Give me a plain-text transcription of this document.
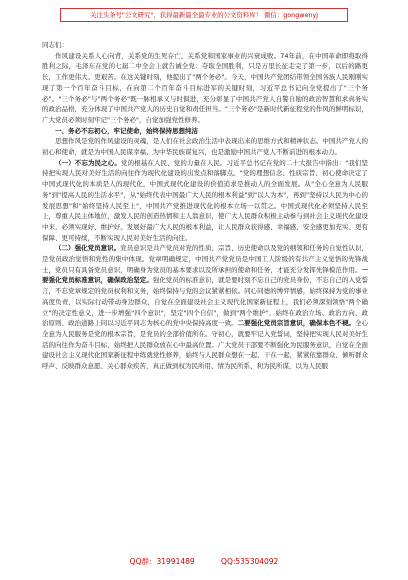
关注头条号"公文研究"，获得最新最全最专业的公文资料库！ 微信：gongwenyj

同志们：

作风建设关系人心向背，关系党的生死存亡，关系党和国家事业的兴衰成败。74年前，在中国革命即将取得胜利之际，毛泽东在党的七届二中全会上就告诫全党：夺取全国胜利，只是万里长征走完了第一步，以后的路更长，工作更伟大、更艰苦。在这关键时刻，他提出了"两个务必"。今天，中国共产党团结带领全国各族人民刚刚实现了第一个百年奋斗目标，在向第二个百年奋斗目标进军的关键时刻，习近平总书记向全党提出了"三个务必"。"三个务必"与"两个务必"既一脉相承又与时俱进，充分彰显了中国共产党人自警自励的政治智慧和求真务实的政治品格，充分体现了中国共产党人的历史自觉和责任担当。"三个务必"是新时代新征程党的作风的鲜明标识，广大党员必须时刻牢记"三个务必"，自觉加强党性修养。

一、务必不忘初心，牢记使命，始终保持思想纯洁

思想作风是党的作风建设的灵魂，是人们在社会政治生活中表现出来的思维方式和精神状态。中国共产党人的初心和使命，就是为中国人民谋幸福、为中华民族谋复兴，也是激励中国共产党人不断前进的根本动力。

（一）不忘为民之心。党的根基在人民、党的力量在人民。习近平总书记在党的二十大报告中指出："我们坚持把实现人民对美好生活的向往作为现代化建设的出发点和落脚点。"党的理想信念、性质宗旨、初心使命决定了中国式现代化的本质是人的现代化，中国式现代化建设的价值追求是推动人的全面发展。从"全心全意为人民服务"到"提高人民的生活水平"，从"始终代表中国最广大人民的根本利益"到"以人为本"，再到"坚持以人民为中心的发展思想"和"始终坚持人民至上"，中国共产党推进现代化的根本立场一以贯之。中国式现代化必须坚持人民至上，尊重人民主体地位，激发人民的创造热情和主人翁意识，使广大人民群众积极主动参与到社会主义现代化建设中来，必须实现好、维护好、发展好最广大人民的根本利益，让人民群众获得感、幸福感、安全感更加充实、更有保障、更可持续，不断实现人民对美好生活的向往。

（二）强化党员意识。党员意识是共产党员对党的性质、宗旨、历史使命以及党的纲领和任务的自觉性认识，是党员政治觉悟和党性的集中体现。党章明确规定，中国共产党党员是中国工人阶级的有共产主义觉悟的先锋战士，党员只有具备党员意识，明确身为党员的基本要求以及所承担的使命和任务，才能充分发挥先锋模范作用。一要强化党员标准意识，确保政治坚定。强化党员的标准意识，就是要时刻不忘自己的党员身份，不忘自己的入党誓言，不忘党章规定的党员权利和义务，始终保持与党的会议紧紧相依。同心同德的博弈情感，始终保持为党的事业高度负责，以实际行动带动身边群众，自觉在全面建设社会主义现代化国家新征程上，我们必须深刻领悟"两个确立"的决定性意义，进一步增强"四个意识"，坚定"四个自信"，做到"两个维护"，始终在政治立场、政治方向、政治原则、政治道路上同以习近平同志为核心的党中央保持高度一致。二要强化党员宗旨意识，确保本色不褪。全心全意为人民服务是党的根本宗旨，是党员的全部价值所在。守初心，就要牢记入党誓词，坚持把实现人民对美好生活的向往作为奋斗目标，始终把人民群众放在心中最高位置。广大党员干部要不断强化为民服务意识，自觉在全面建设社会主义现代化国家新征程中练就党性修养，始终与人民群众想在一起、干在一起，紧紧依靠群众、倾听群众呼声、反映群众意愿、关心群众疾苦，真正做到权为民所用、情为民所系、利为民所谋，以为人民服

QQ群：31991489	QQ:535304092
